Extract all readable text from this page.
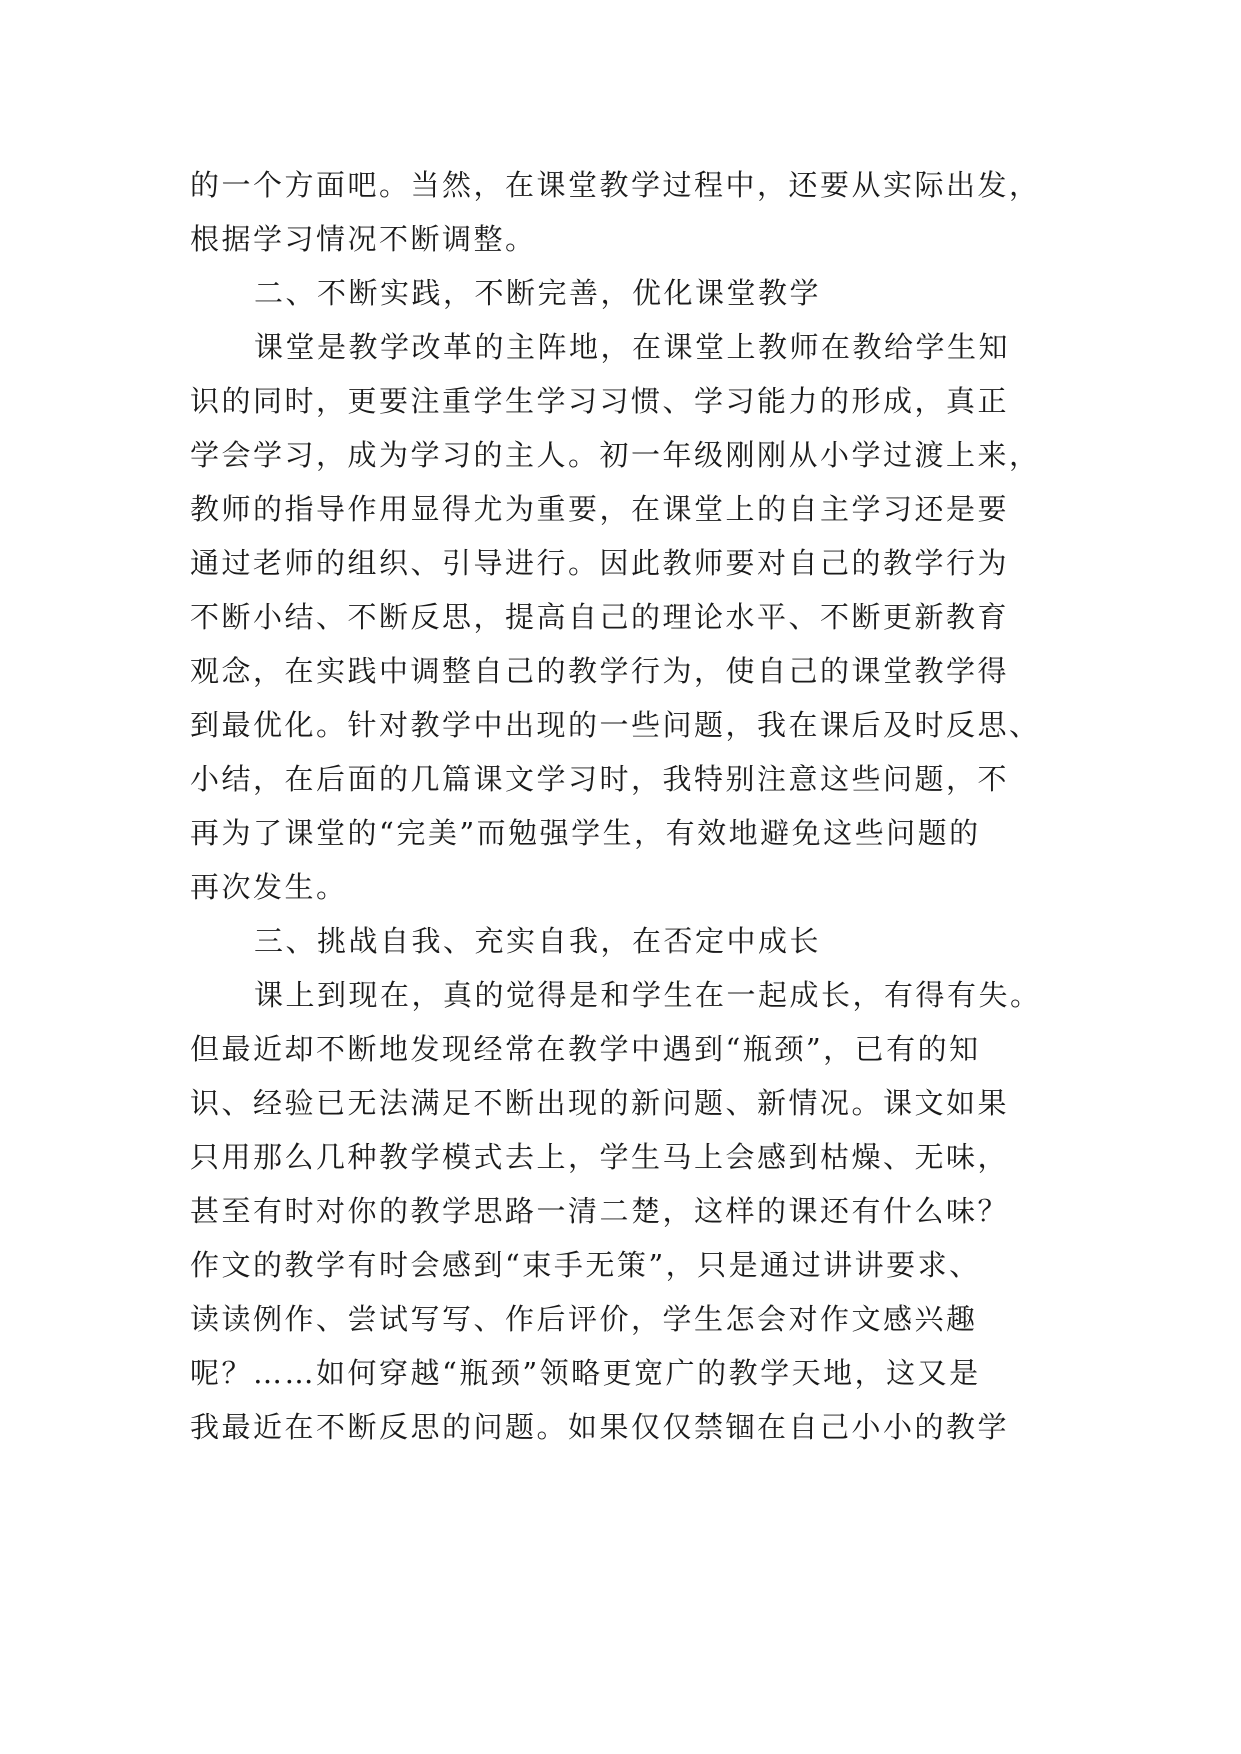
的一个方面吧。当然，在课堂教学过程中，还要从实际出发，
根据学习情况不断调整。
二、不断实践，不断完善，优化课堂教学
课堂是教学改革的主阵地，在课堂上教师在教给学生知
识的同时，更要注重学生学习习惯、学习能力的形成，真正
学会学习，成为学习的主人。初一年级刚刚从小学过渡上来，
教师的指导作用显得尤为重要，在课堂上的自主学习还是要
通过老师的组织、引导进行。因此教师要对自己的教学行为
不断小结、不断反思，提高自己的理论水平、不断更新教育
观念，在实践中调整自己的教学行为，使自己的课堂教学得
到最优化。针对教学中出现的一些问题，我在课后及时反思、
小结，在后面的几篇课文学习时，我特别注意这些问题，不
再为了课堂的“完美”而勉强学生，有效地避免这些问题的
再次发生。
三、挑战自我、充实自我，在否定中成长
课上到现在，真的觉得是和学生在一起成长，有得有失。
但最近却不断地发现经常在教学中遇到“瓶颈”，已有的知
识、经验已无法满足不断出现的新问题、新情况。课文如果
只用那么几种教学模式去上，学生马上会感到枯燥、无味，
甚至有时对你的教学思路一清二楚，这样的课还有什么味？
作文的教学有时会感到“束手无策”，只是通过讲讲要求、
读读例作、尝试写写、作后评价，学生怎会对作文感兴趣
呢？……如何穿越“瓶颈”领略更宽广的教学天地，这又是
我最近在不断反思的问题。如果仅仅禁锢在自己小小的教学
